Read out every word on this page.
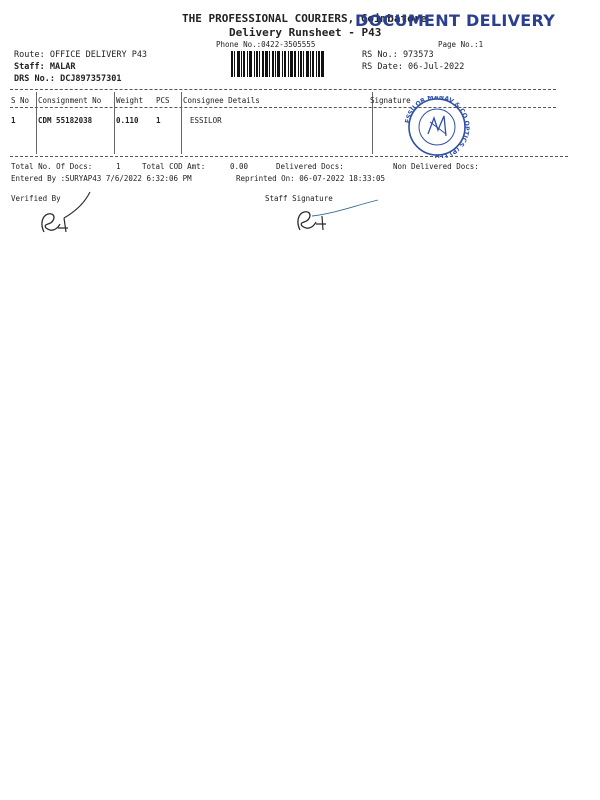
THE PROFESSIONAL COURIERS, Coimbatore
Delivery Runsheet - P43
DOCUMENT DELIVERY
Phone No.:0422-3505555	Page No.:1
Route: OFFICE DELIVERY P43
Staff: MALAR
DRS No.: DCJ897357301
RS No.: 973573
RS Date: 06-Jul-2022
S No Consignment No Weight PCS Consignee Details	Signature
1	CDM 55182038	0.110 1	ESSILOR	ESSILOR MANAV & CO OPTICS (P) LTD
Total No. Of Docs:	1	Total COD Amt:	0.00	Delivered Docs:	Non Delivered Docs:
Entered By :SURYAP43 7/6/2022 6:32:06 PM	Reprinted On: 06-07-2022 18:33:05
Verified By	Staff Signature
